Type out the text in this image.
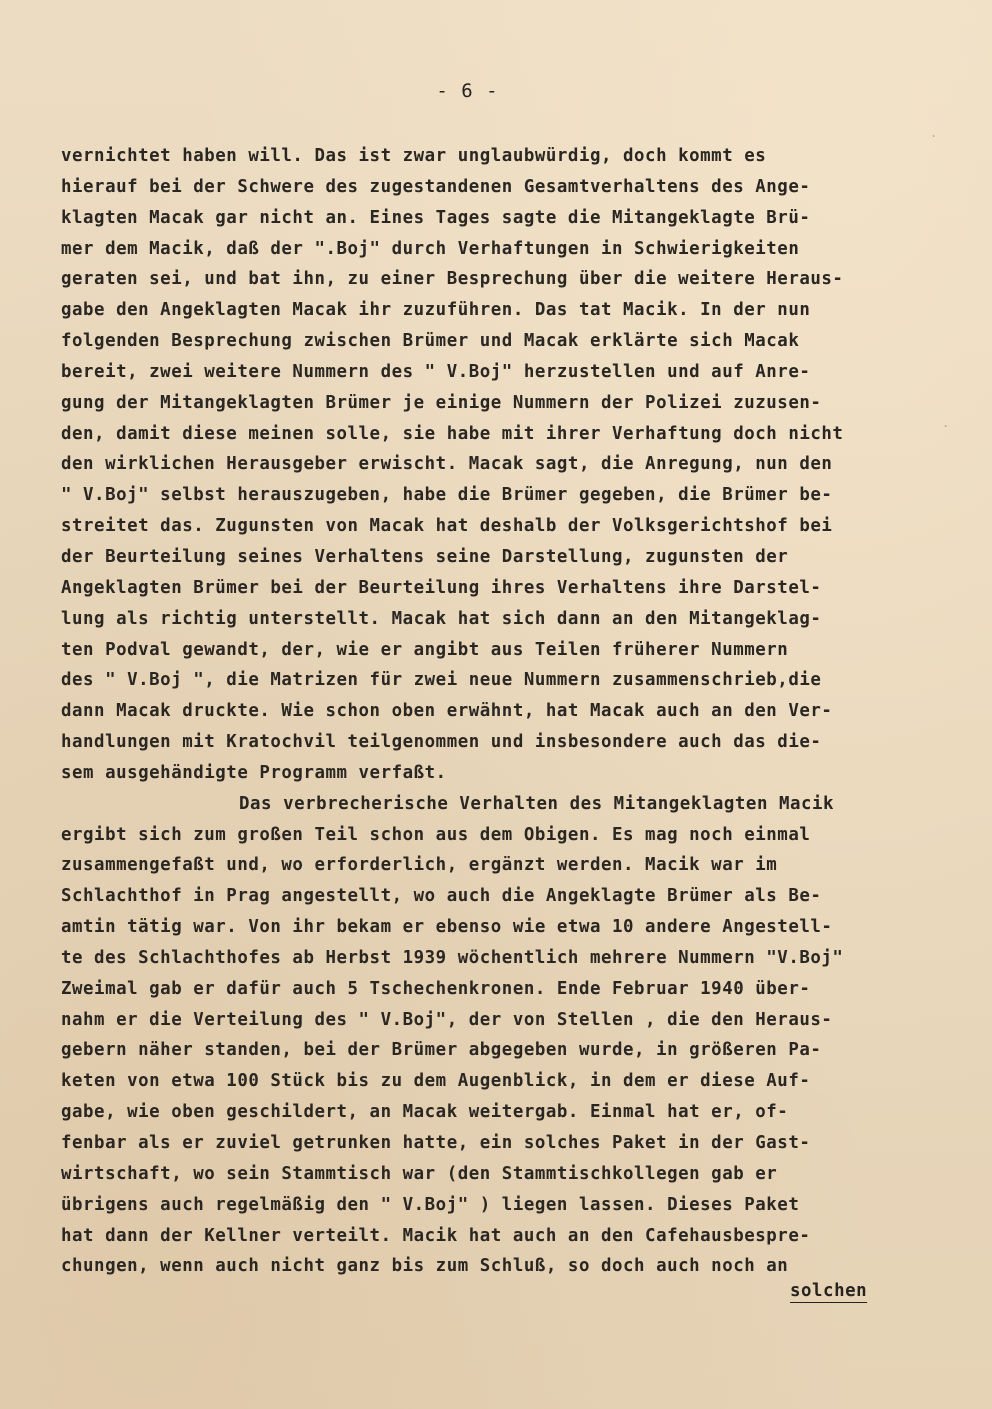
- 6 -
vernichtet haben will. Das ist zwar unglaubwürdig, doch kommt es
hierauf bei der Schwere des zugestandenen Gesamtverhaltens des Ange-
klagten Macak gar nicht an. Eines Tages sagte die Mitangeklagte Brü-
mer dem Macik, daß der ".Boj" durch Verhaftungen in Schwierigkeiten
geraten sei, und bat ihn, zu einer Besprechung über die weitere Heraus-
gabe den Angeklagten Macak ihr zuzuführen. Das tat Macik. In der nun
folgenden Besprechung zwischen Brümer und Macak erklärte sich Macak
bereit, zwei weitere Nummern des " V.Boj" herzustellen und auf Anre-
gung der Mitangeklagten Brümer je einige Nummern der Polizei zuzusen-
den, damit diese meinen solle, sie habe mit ihrer Verhaftung doch nicht
den wirklichen Herausgeber erwischt. Macak sagt, die Anregung, nun den
" V.Boj" selbst herauszugeben, habe die Brümer gegeben, die Brümer be-
streitet das. Zugunsten von Macak hat deshalb der Volksgerichtshof bei
der Beurteilung seines Verhaltens seine Darstellung, zugunsten der
Angeklagten Brümer bei der Beurteilung ihres Verhaltens ihre Darstel-
lung als richtig unterstellt. Macak hat sich dann an den Mitangeklag-
ten Podval gewandt, der, wie er angibt aus Teilen früherer Nummern
des " V.Boj ", die Matrizen für zwei neue Nummern zusammenschrieb,die
dann Macak druckte. Wie schon oben erwähnt, hat Macak auch an den Ver-
handlungen mit Kratochvil teilgenommen und insbesondere auch das die-
sem ausgehändigte Programm verfaßt.
Das verbrecherische Verhalten des Mitangeklagten Macik
ergibt sich zum großen Teil schon aus dem Obigen. Es mag noch einmal
zusammengefaßt und, wo erforderlich, ergänzt werden. Macik war im
Schlachthof in Prag angestellt, wo auch die Angeklagte Brümer als Be-
amtin tätig war. Von ihr bekam er ebenso wie etwa 10 andere Angestell-
te des Schlachthofes ab Herbst 1939 wöchentlich mehrere Nummern "V.Boj"
Zweimal gab er dafür auch 5 Tschechenkronen. Ende Februar 1940 über-
nahm er die Verteilung des " V.Boj", der von Stellen , die den Heraus-
gebern näher standen, bei der Brümer abgegeben wurde, in größeren Pa-
keten von etwa 100 Stück bis zu dem Augenblick, in dem er diese Auf-
gabe, wie oben geschildert, an Macak weitergab. Einmal hat er, of-
fenbar als er zuviel getrunken hatte, ein solches Paket in der Gast-
wirtschaft, wo sein Stammtisch war (den Stammtischkollegen gab er
übrigens auch regelmäßig den " V.Boj" ) liegen lassen. Dieses Paket
hat dann der Kellner verteilt. Macik hat auch an den Cafehausbespre-
chungen, wenn auch nicht ganz bis zum Schluß, so doch auch noch an
solchen
.
.
